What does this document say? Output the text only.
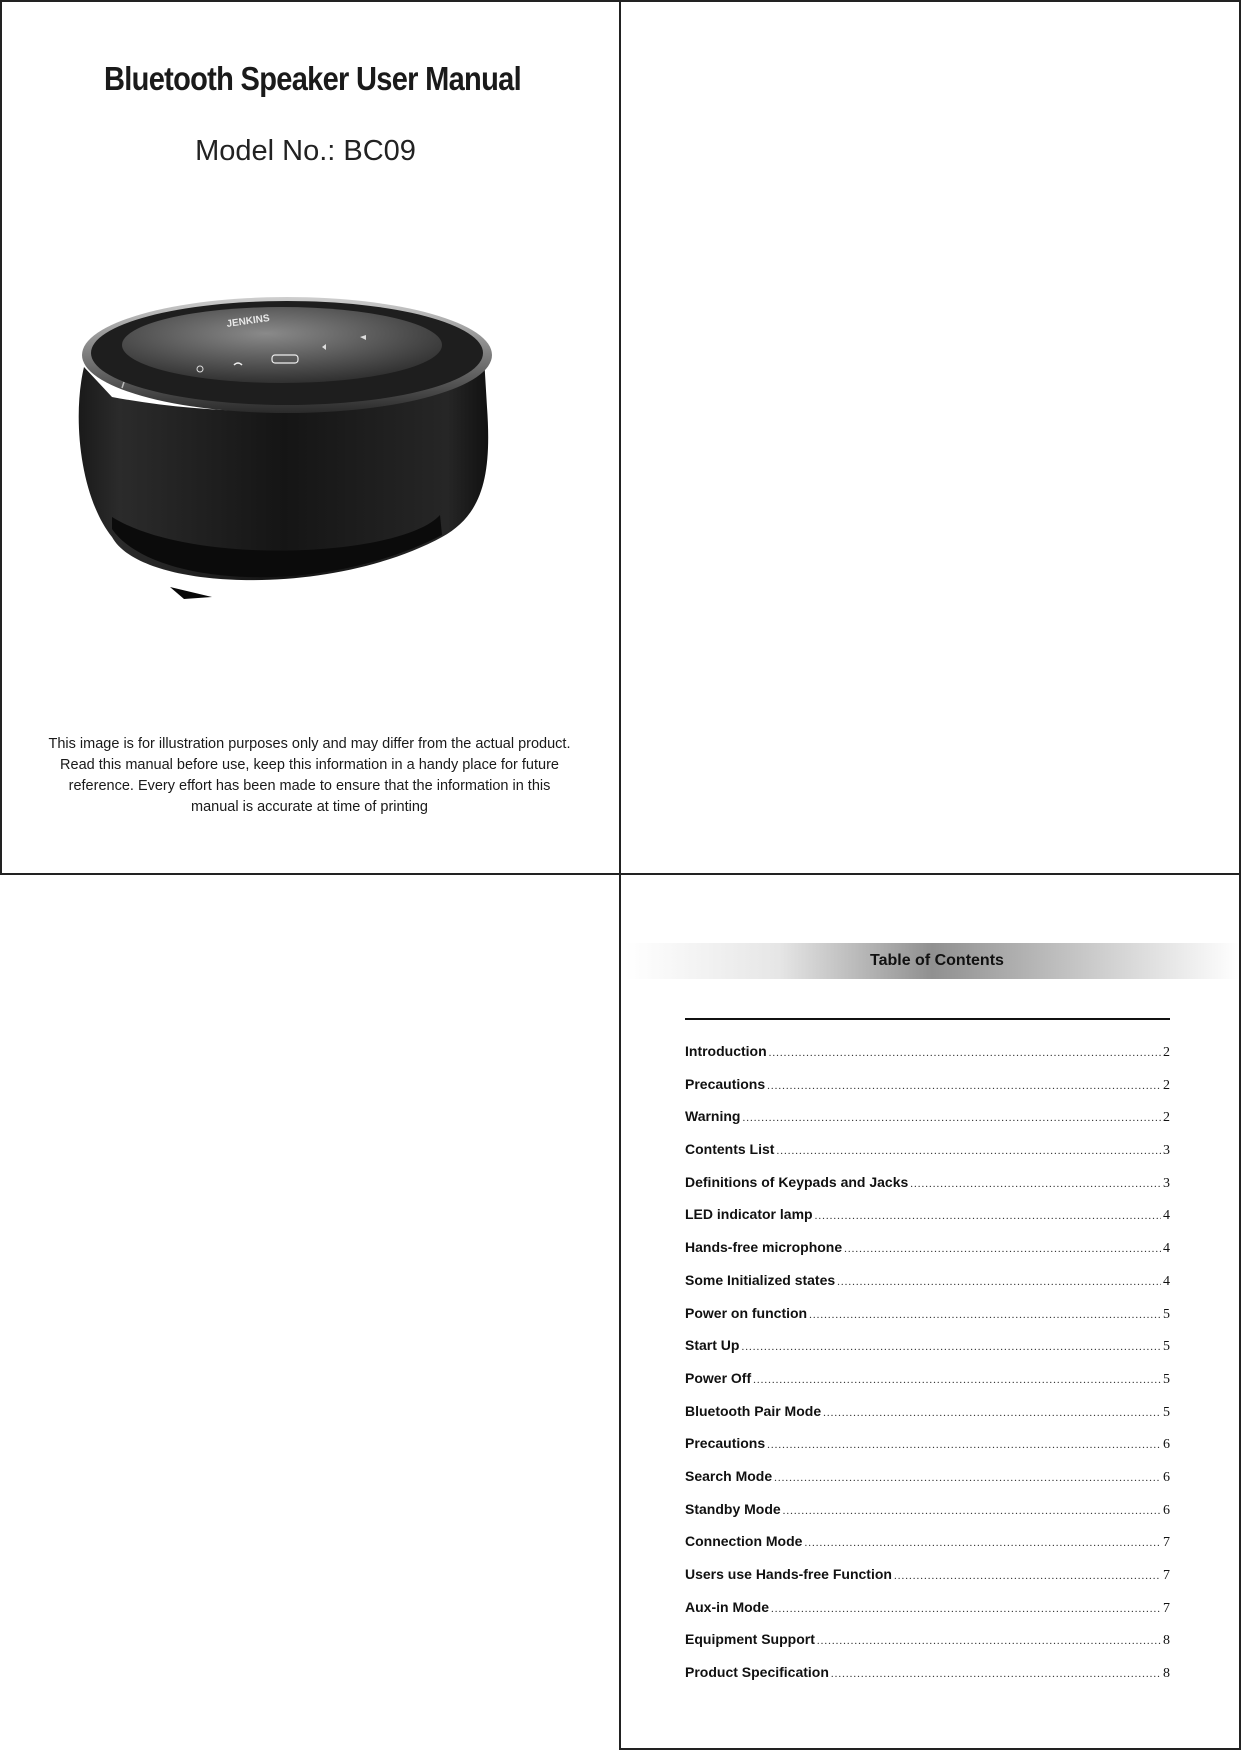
Bluetooth Speaker User Manual
Model No.: BC09
JENKINS
This image is for illustration purposes only and may differ from the actual product.
Read this manual before use, keep this information in a handy place for future
reference. Every effort has been made to ensure that the information in this
manual is accurate at time of printing
Table of Contents
Introduction .....	2
Precautions .....	2
Warning .....	2
Contents List .....	3
Definitions of Keypads and Jacks .....	3
LED indicator lamp .....	4
Hands-free microphone .....	4
Some Initialized states .....	4
Power on function .....	5
Start Up .....	5
Power Off .....	5
Bluetooth Pair Mode .....	5
Precautions .....	6
Search Mode .....	6
Standby Mode .....	6
Connection Mode .....	7
Users use Hands-free Function .....	7
Aux-in Mode .....	7
Equipment Support .....	8
Product Specification .....	8
